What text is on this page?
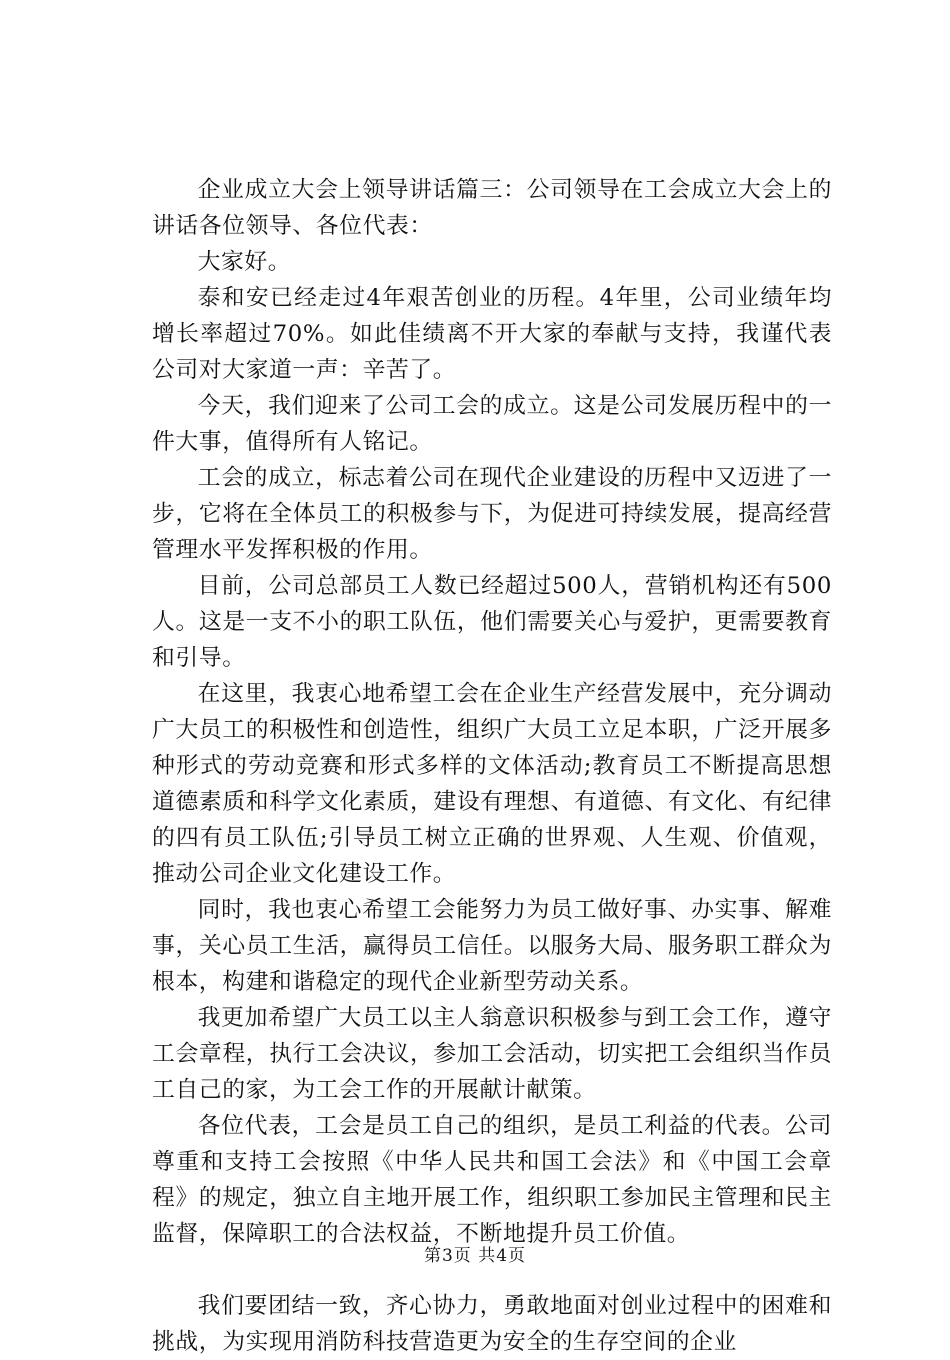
企业成立大会上领导讲话篇三：公司领导在工会成立大会上的讲话各位领导、各位代表：

大家好。

泰和安已经走过4年艰苦创业的历程。4年里，公司业绩年均增长率超过70%。如此佳绩离不开大家的奉献与支持，我谨代表公司对大家道一声：辛苦了。

今天，我们迎来了公司工会的成立。这是公司发展历程中的一件大事，值得所有人铭记。

工会的成立，标志着公司在现代企业建设的历程中又迈进了一步，它将在全体员工的积极参与下，为促进可持续发展，提高经营管理水平发挥积极的作用。

目前，公司总部员工人数已经超过500人，营销机构还有500人。这是一支不小的职工队伍，他们需要关心与爱护，更需要教育和引导。

在这里，我衷心地希望工会在企业生产经营发展中，充分调动广大员工的积极性和创造性，组织广大员工立足本职，广泛开展多种形式的劳动竞赛和形式多样的文体活动;教育员工不断提高思想道德素质和科学文化素质，建设有理想、有道德、有文化、有纪律的四有员工队伍;引导员工树立正确的世界观、人生观、价值观，推动公司企业文化建设工作。

同时，我也衷心希望工会能努力为员工做好事、办实事、解难事，关心员工生活，赢得员工信任。以服务大局、服务职工群众为根本，构建和谐稳定的现代企业新型劳动关系。

我更加希望广大员工以主人翁意识积极参与到工会工作，遵守工会章程，执行工会决议，参加工会活动，切实把工会组织当作员工自己的家，为工会工作的开展献计献策。

各位代表，工会是员工自己的组织，是员工利益的代表。公司尊重和支持工会按照《中华人民共和国工会法》和《中国工会章程》的规定，独立自主地开展工作，组织职工参加民主管理和民主监督，保障职工的合法权益，不断地提升员工价值。

我们要团结一致，齐心协力，勇敢地面对创业过程中的困难和挑战，为实现用消防科技营造更为安全的生存空间的企业

第3页 共4页
